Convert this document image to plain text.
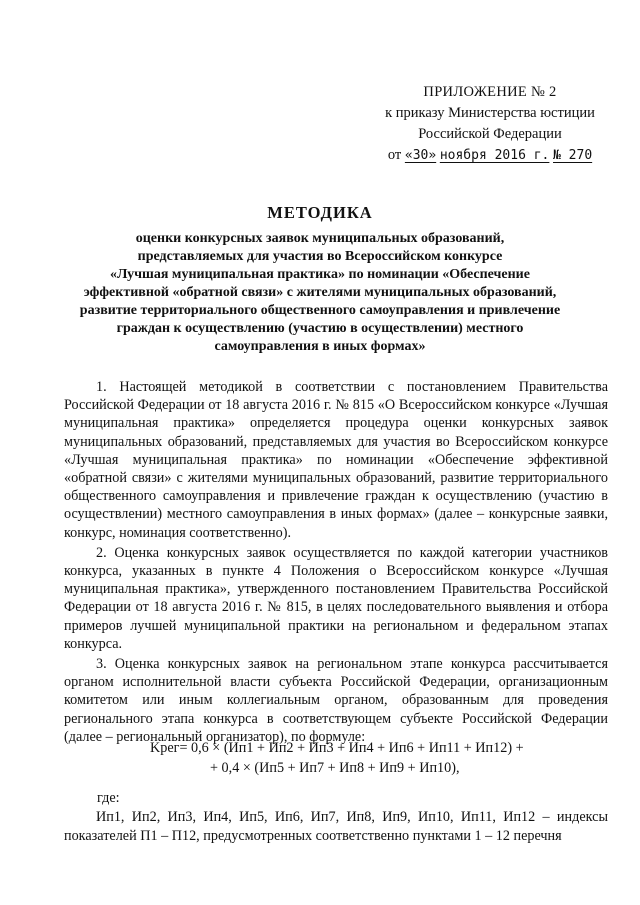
ПРИЛОЖЕНИЕ № 2
к приказу Министерства юстиции
Российской Федерации
от «30» ноября 2016 г. № 270
МЕТОДИКА
оценки конкурсных заявок муниципальных образований,
представляемых для участия во Всероссийском конкурсе
«Лучшая муниципальная практика» по номинации «Обеспечение
эффективной «обратной связи» с жителями муниципальных образований,
развитие территориального общественного самоуправления и привлечение
граждан к осуществлению (участию в осуществлении) местного
самоуправления в иных формах»

1. Настоящей методикой в соответствии с постановлением Правительства Российской Федерации от 18 августа 2016 г. № 815 «О Всероссийском конкурсе «Лучшая муниципальная практика» определяется процедура оценки конкурсных заявок муниципальных образований, представляемых для участия во Всероссийском конкурсе «Лучшая муниципальная практика» по номинации «Обеспечение эффективной «обратной связи» с жителями муниципальных образований, развитие территориального общественного самоуправления и привлечение граждан к осуществлению (участию в осуществлении) местного самоуправления в иных формах» (далее – конкурсные заявки, конкурс, номинация соответственно).

2. Оценка конкурсных заявок осуществляется по каждой категории участников конкурса, указанных в пункте 4 Положения о Всероссийском конкурсе «Лучшая муниципальная практика», утвержденного постановлением Правительства Российской Федерации от 18 августа 2016 г. № 815, в целях последовательного выявления и отбора примеров лучшей муниципальной практики на региональном и федеральном этапах конкурса.

3. Оценка конкурсных заявок на региональном этапе конкурса рассчитывается органом исполнительной власти субъекта Российской Федерации, организационным комитетом или иным коллегиальным органом, образованным для проведения регионального этапа конкурса в соответствующем субъекте Российской Федерации (далее – региональный организатор), по формуле:

Kрег= 0,6 × (Ип1 + Ип2 + Ип3 + Ип4 + Ип6 + Ип11 + Ип12) +
+ 0,4 × (Ип5 + Ип7 + Ип8 + Ип9 + Ип10),
где:
Ип1, Ип2, Ип3, Ип4, Ип5, Ип6, Ип7, Ип8, Ип9, Ип10, Ип11, Ип12 – индексы показателей П1 – П12, предусмотренных соответственно пунктами 1 – 12 перечня
